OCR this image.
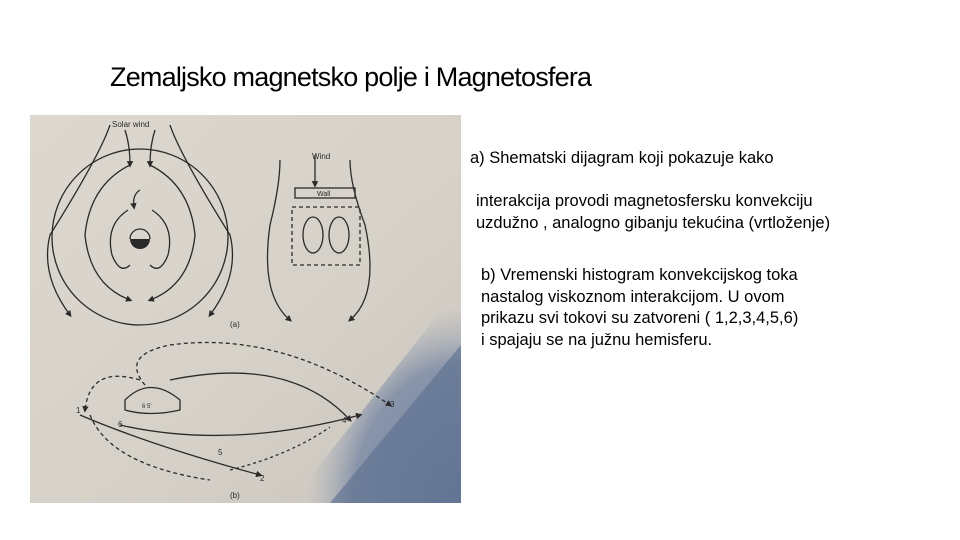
Zemaljsko magnetsko polje i Magnetosfera
Solar wind
Wind
Wall
(a)
(b)
1
2
3
4
5
6
6 5'
a) Shematski dijagram koji pokazuje kako
interakcija provodi magnetosfersku konvekciju
uzdužno , analogno gibanju tekućina (vrtloženje)
b) Vremenski histogram konvekcijskog toka
nastalog viskoznom interakcijom. U ovom
prikazu svi tokovi su zatvoreni ( 1,2,3,4,5,6)
i spajaju se na južnu hemisferu.
